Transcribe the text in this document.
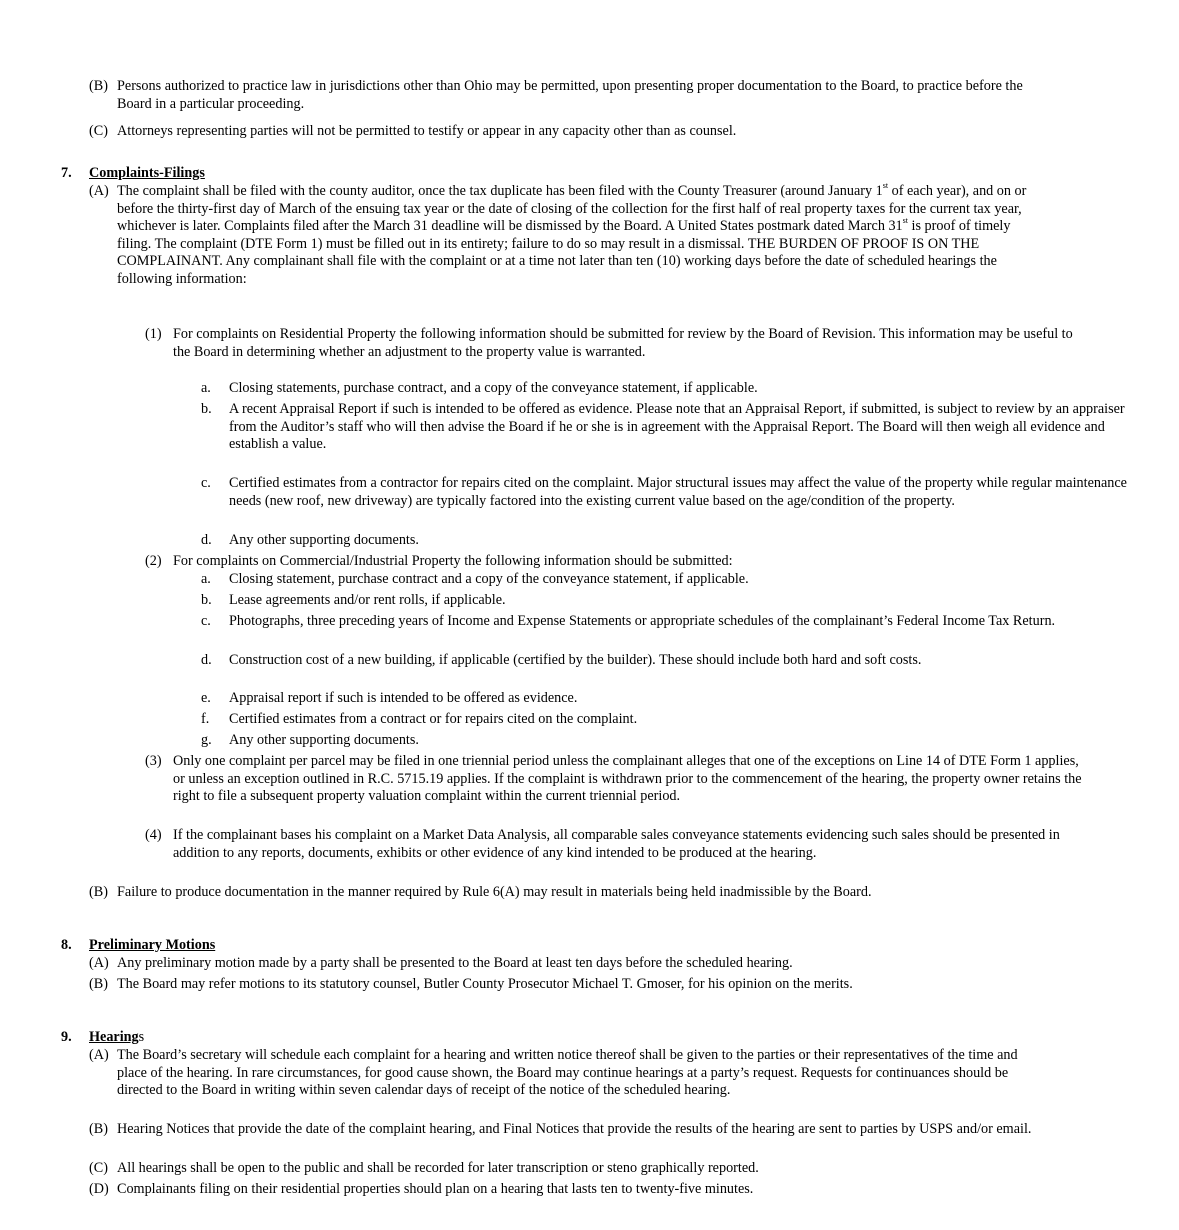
(B) Persons authorized to practice law in jurisdictions other than Ohio may be permitted, upon presenting proper documentation to the Board, to practice before the Board in a particular proceeding.
(C) Attorneys representing parties will not be permitted to testify or appear in any capacity other than as counsel.
7. Complaints-Filings
(A) The complaint shall be filed with the county auditor, once the tax duplicate has been filed with the County Treasurer (around January 1st of each year), and on or before the thirty-first day of March of the ensuing tax year or the date of closing of the collection for the first half of real property taxes for the current tax year, whichever is later. Complaints filed after the March 31 deadline will be dismissed by the Board. A United States postmark dated March 31st is proof of timely filing. The complaint (DTE Form 1) must be filled out in its entirety; failure to do so may result in a dismissal. THE BURDEN OF PROOF IS ON THE COMPLAINANT. Any complainant shall file with the complaint or at a time not later than ten (10) working days before the date of scheduled hearings the following information:
(1) For complaints on Residential Property the following information should be submitted for review by the Board of Revision. This information may be useful to the Board in determining whether an adjustment to the property value is warranted.
a. Closing statements, purchase contract, and a copy of the conveyance statement, if applicable.
b. A recent Appraisal Report if such is intended to be offered as evidence. Please note that an Appraisal Report, if submitted, is subject to review by an appraiser from the Auditor’s staff who will then advise the Board if he or she is in agreement with the Appraisal Report. The Board will then weigh all evidence and establish a value.
c. Certified estimates from a contractor for repairs cited on the complaint. Major structural issues may affect the value of the property while regular maintenance needs (new roof, new driveway) are typically factored into the existing current value based on the age/condition of the property.
d. Any other supporting documents.
(2) For complaints on Commercial/Industrial Property the following information should be submitted:
a. Closing statement, purchase contract and a copy of the conveyance statement, if applicable.
b. Lease agreements and/or rent rolls, if applicable.
c. Photographs, three preceding years of Income and Expense Statements or appropriate schedules of the complainant’s Federal Income Tax Return.
d. Construction cost of a new building, if applicable (certified by the builder). These should include both hard and soft costs.
e. Appraisal report if such is intended to be offered as evidence.
f. Certified estimates from a contract or for repairs cited on the complaint.
g. Any other supporting documents.
(3) Only one complaint per parcel may be filed in one triennial period unless the complainant alleges that one of the exceptions on Line 14 of DTE Form 1 applies, or unless an exception outlined in R.C. 5715.19 applies. If the complaint is withdrawn prior to the commencement of the hearing, the property owner retains the right to file a subsequent property valuation complaint within the current triennial period.
(4) If the complainant bases his complaint on a Market Data Analysis, all comparable sales conveyance statements evidencing such sales should be presented in addition to any reports, documents, exhibits or other evidence of any kind intended to be produced at the hearing.
(B) Failure to produce documentation in the manner required by Rule 6(A) may result in materials being held inadmissible by the Board.
8. Preliminary Motions
(A) Any preliminary motion made by a party shall be presented to the Board at least ten days before the scheduled hearing.
(B) The Board may refer motions to its statutory counsel, Butler County Prosecutor Michael T. Gmoser, for his opinion on the merits.
9. Hearings
(A) The Board’s secretary will schedule each complaint for a hearing and written notice thereof shall be given to the parties or their representatives of the time and place of the hearing. In rare circumstances, for good cause shown, the Board may continue hearings at a party’s request. Requests for continuances should be directed to the Board in writing within seven calendar days of receipt of the notice of the scheduled hearing.
(B) Hearing Notices that provide the date of the complaint hearing, and Final Notices that provide the results of the hearing are sent to parties by USPS and/or email.
(C) All hearings shall be open to the public and shall be recorded for later transcription or steno graphically reported.
(D) Complainants filing on their residential properties should plan on a hearing that lasts ten to twenty-five minutes.
